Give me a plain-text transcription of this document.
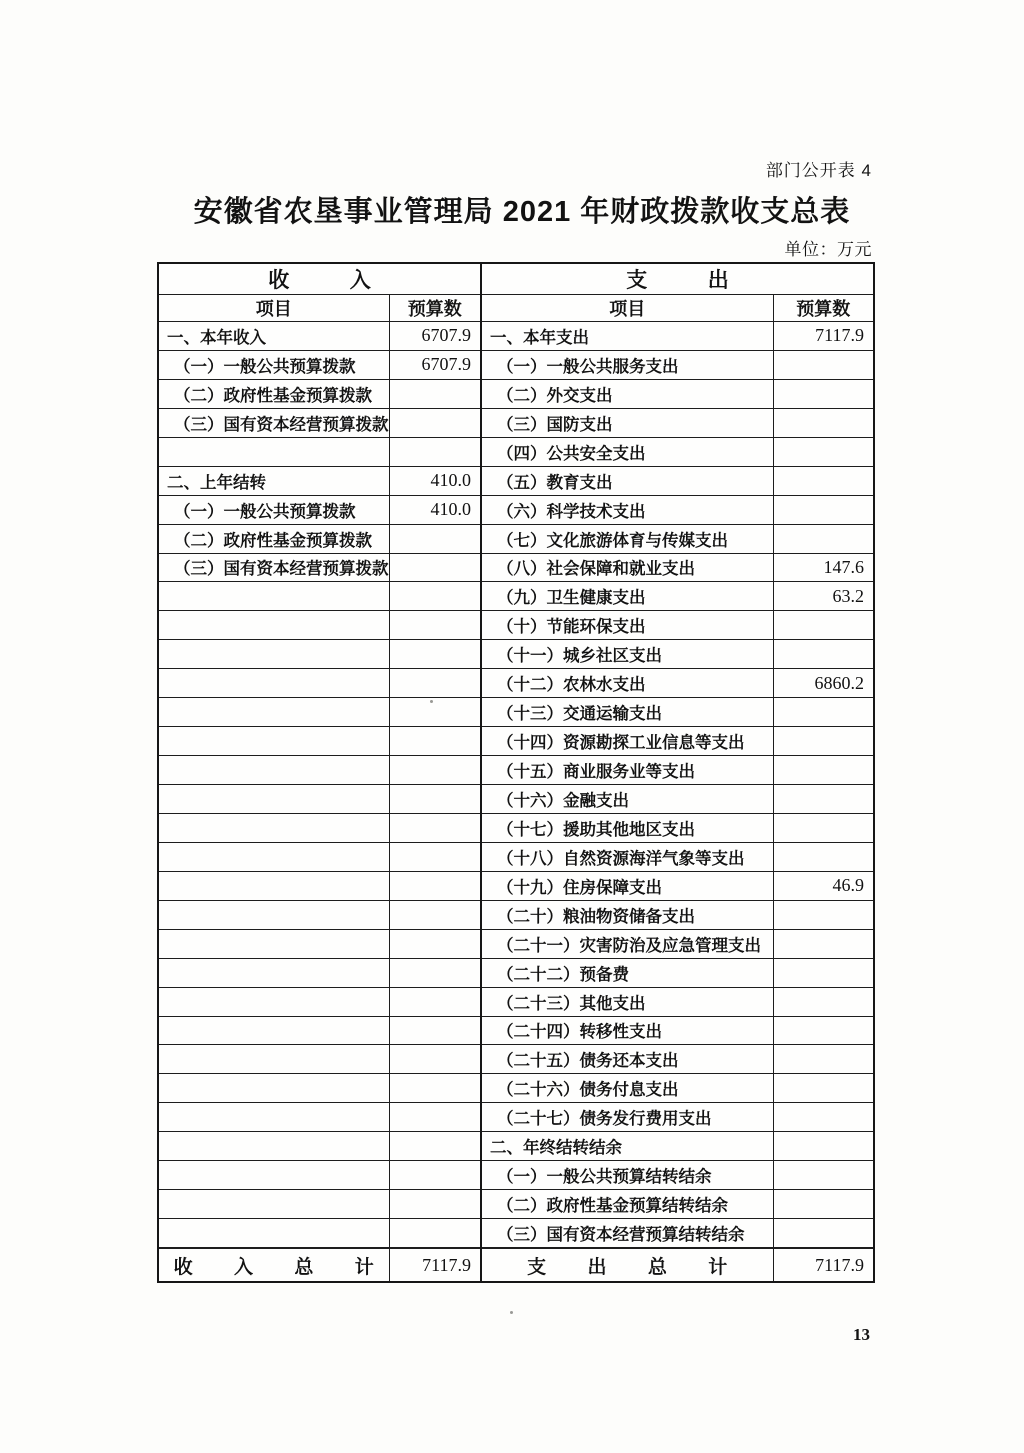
部门公开表 4
安徽省农垦事业管理局 2021 年财政拨款收支总表
单位：万元
收 入		支 出	
项目	预算数	项目	预算数
一、本年收入	6707.9	一、本年支出	7117.9
（一）一般公共预算拨款	6707.9	（一）一般公共服务支出	
（二）政府性基金预算拨款		（二）外交支出	
（三）国有资本经营预算拨款		（三）国防支出	
		（四）公共安全支出	
二、上年结转	410.0	（五）教育支出	
（一）一般公共预算拨款	410.0	（六）科学技术支出	
（二）政府性基金预算拨款		（七）文化旅游体育与传媒支出	
（三）国有资本经营预算拨款		（八）社会保障和就业支出	147.6
		（九）卫生健康支出	63.2
		（十）节能环保支出	
		（十一）城乡社区支出	
		（十二）农林水支出	6860.2
		（十三）交通运输支出	
		（十四）资源勘探工业信息等支出	
		（十五）商业服务业等支出	
		（十六）金融支出	
		（十七）援助其他地区支出	
		（十八）自然资源海洋气象等支出	
		（十九）住房保障支出	46.9
		（二十）粮油物资储备支出	
		（二十一）灾害防治及应急管理支出	
		（二十二）预备费	
		（二十三）其他支出	
		（二十四）转移性支出	
		（二十五）债务还本支出	
		（二十六）债务付息支出	
		（二十七）债务发行费用支出	
		二、年终结转结余	
		（一）一般公共预算结转结余	
		（二）政府性基金预算结转结余	
		（三）国有资本经营预算结转结余	

收 入 总 计	7117.9	支 出 总 计	7117.9
13
